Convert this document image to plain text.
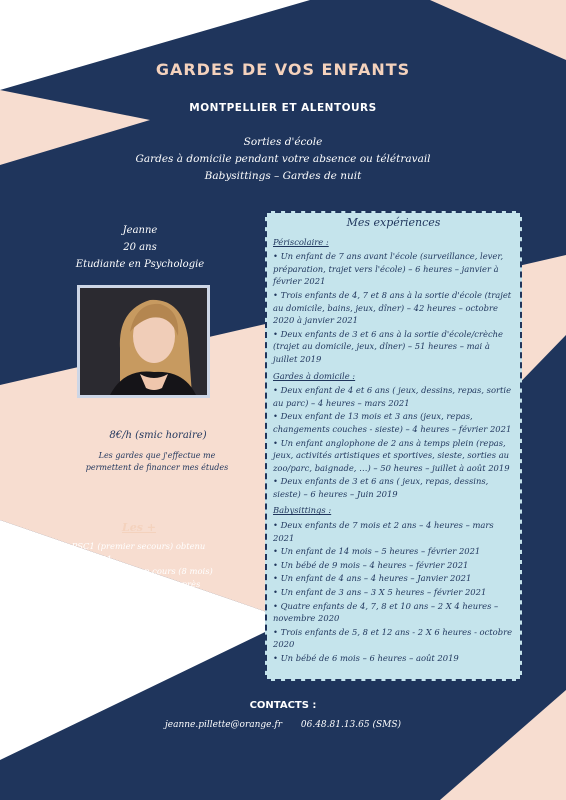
GARDES DE VOS ENFANTS
MONTPELLIER ET ALENTOURS
Sorties d'école
Gardes à domicile pendant votre absence ou télétravail
Babysittings – Gardes de nuit
Jeanne
20 ans
Etudiante en Psychologie
8€/h (smic horaire)
Les gardes que j'effectue me permettent de financer mes études
Les +
• PSC1 (premier secours) obtenu le 08/02/21
• Service civique en cours (8 mois) dans la prévention santé auprès des jeunes
• Stage dans une unité d'enseignement
• 220 heures déjà effectuées
Mes expériences
Périscolaire :
• Un enfant de 7 ans avant l'école (surveillance, lever, préparation, trajet vers l'école) – 6 heures – janvier à février 2021
• Trois enfants de 4, 7 et 8 ans à la sortie d'école (trajet au domicile, bains, jeux, dîner) – 42 heures – octobre 2020 à janvier 2021
• Deux enfants de 3 et 6 ans à la sortie d'école/crèche (trajet au domicile, jeux, dîner) – 51 heures – mai à juillet 2019
Gardes à domicile :
• Deux enfant de 4 et 6 ans ( jeux, dessins, repas, sortie au parc) – 4 heures – mars 2021
• Deux enfant de 13 mois et 3 ans (jeux, repas, changements couches - sieste) – 4 heures – février 2021
• Un enfant anglophone de 2 ans à temps plein (repas, jeux, activités artistiques et sportives, sieste, sorties au zoo/parc, baignade, …) – 50 heures – juillet à août 2019
• Deux enfants de 3 et 6 ans ( jeux, repas, dessins, sieste) – 6 heures – Juin 2019
Babysittings :
• Deux enfants de 7 mois et 2 ans – 4 heures – mars 2021
• Un enfant de 14 mois – 5 heures – février 2021
• Un bébé de 9 mois – 4 heures – février 2021
• Un enfant de 4 ans – 4 heures – Janvier 2021
• Un enfant de 3 ans – 3 X 5 heures – février 2021
• Quatre enfants de 4, 7, 8 et 10 ans – 2 X 4 heures – novembre 2020
• Trois enfants de 5, 8 et 12 ans - 2 X 6 heures - octobre 2020
• Un bébé de 6 mois – 6 heures – août 2019
CONTACTS :
jeanne.pillette@orange.fr 06.48.81.13.65 (SMS)
